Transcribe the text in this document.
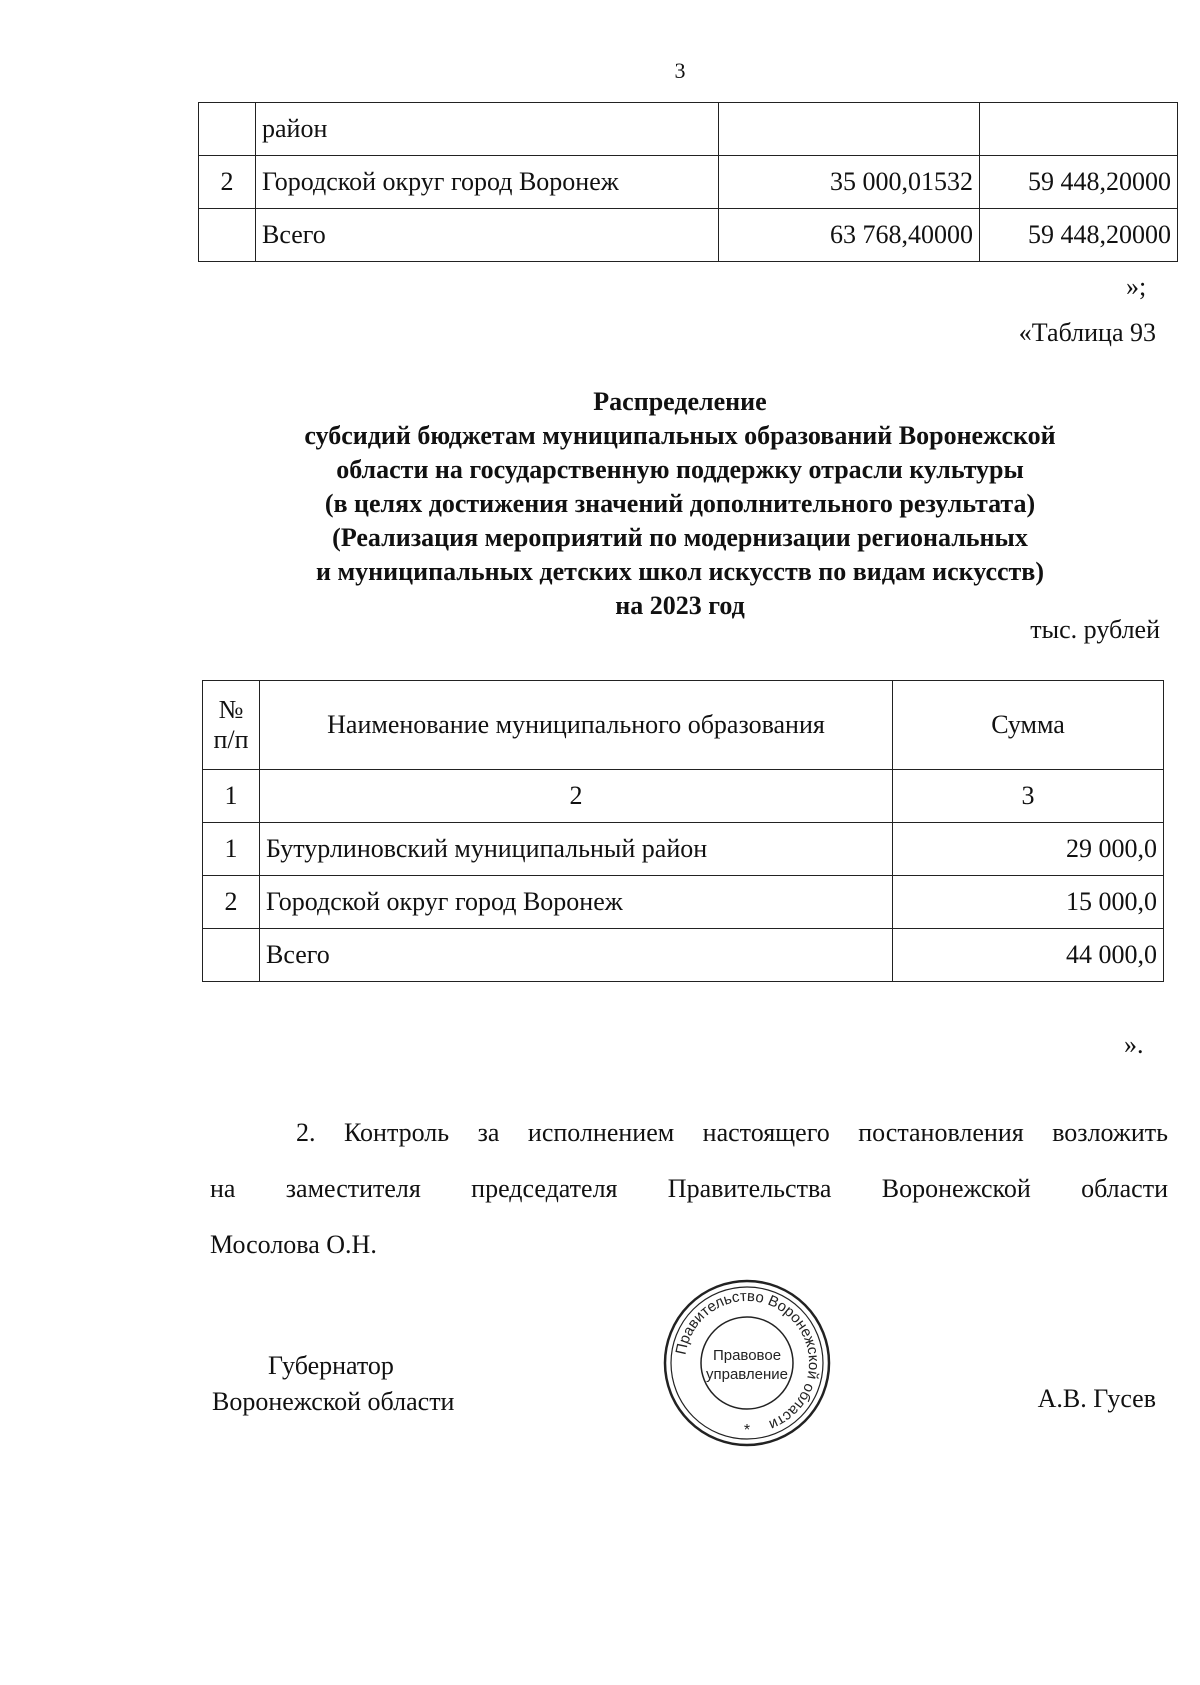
3
	район		
2	Городской округ город Воронеж	35 000,01532	59 448,20000
	Всего	63 768,40000	59 448,20000
»;
«Таблица 93
Распределение
субсидий бюджетам муниципальных образований Воронежской
области на государственную поддержку отрасли культуры
(в целях достижения значений дополнительного результата)
(Реализация мероприятий по модернизации региональных
и муниципальных детских школ искусств по видам искусств)
на 2023 год
тыс. рублей
№
п/п	Наименование муниципального образования	Сумма
1	2	3
1	Бутурлиновский муниципальный район	29 000,0
2	Городской округ город Воронеж	15 000,0
	Всего	44 000,0
».
2. Контроль за исполнением настоящего постановления возложить
на заместителя председателя Правительства Воронежской области
Мосолова О.Н.
Губернатор
Воронежской области
Правительство Воронежской области
Правовое
управление
*
А.В. Гусев
